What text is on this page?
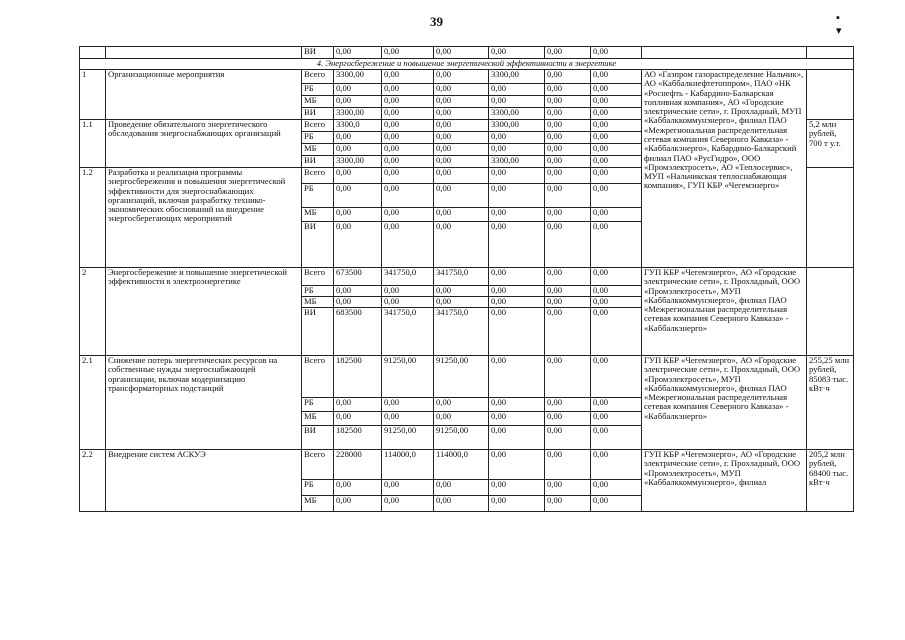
39	▪ ▾
		ВИ	0,00	0,00	0,00	0,00	0,00	0,00		
4. Энергосбережение и повышение энергетической эффективности в энергетике										
1	Организационные мероприятия	Всего	3300,00	0,00	0,00	3300,00	0,00	0,00	АО «Газпром газораспределение Нальчик», АО «Каббалкнефтетоппром», ПАО «НК «Роснефть - Кабардино-Балкарская топливная компания», АО «Городские электрические сети», г. Прохладный, МУП «Каббалккоммунэнерго», филиал ПАО «Межрегиональная распределительная сетевая компания Северного Кавказа» - «Каббалкэнерго», Кабардино-Балкарский филиал ПАО «РусГидро», ООО «Промэлектросеть», АО «Теплосервис», МУП «Нальчикская теплоснабжающая компания», ГУП КБР «Чегемэнерго»	
		РБ	0,00	0,00	0,00	0,00	0,00	0,00		
		МБ	0,00	0,00	0,00	0,00	0,00	0,00		
		ВИ	3300,00	0,00	0,00	3300,00	0,00	0,00		
1.1	Проведение обязательного энергетического обследования энергоснабжающих организаций	Всего	3300,0	0,00	0,00	3300,00	0,00	0,00		5,2 млн рублей, 700 т у.т.
		РБ	0,00	0,00	0,00	0,00	0,00	0,00		
		МБ	0,00	0,00	0,00	0,00	0,00	0,00		
		ВИ	3300,00	0,00	0,00	3300,00	0,00	0,00		
1.2	Разработка и реализация программы энергосбережения и повышения энергетической эффективности для энергоснабжающих организаций, включая разработку технико-экономических обоснований на внедрение энергосберегающих мероприятий	Всего	0,00	0,00	0,00	0,00	0,00	0,00		
		РБ	0,00	0,00	0,00	0,00	0,00	0,00		
		МБ	0,00	0,00	0,00	0,00	0,00	0,00		
		ВИ	0,00	0,00	0,00	0,00	0,00	0,00		
2	Энергосбережение и повышение энергетической эффективности в электроэнергетике	Всего	673500	341750,0	341750,0	0,00	0,00	0,00	ГУП КБР «Чегемэнерго», АО «Городские электрические сети», г. Прохладный, ООО «Промэлектросеть», МУП «Каббалккоммунэнерго», филиал ПАО «Межрегиональная распределительная сетевая компания Северного Кавказа» - «Каббалкэнерго»	
		РБ	0,00	0,00	0,00	0,00	0,00	0,00		
		МБ	0,00	0,00	0,00	0,00	0,00	0,00		
		ВИ	683500	341750,0	341750,0	0,00	0,00	0,00		
2.1	Снижение потерь энергетических ресурсов на собственные нужды энергоснабжающей организации, включая модернизацию трансформаторных подстанций	Всего	182500	91250,00	91250,00	0,00	0,00	0,00	ГУП КБР «Чегемэнерго», АО «Городские электрические сети», г. Прохладный, ООО «Промэлектросеть», МУП «Каббалккоммунэнерго», филиал ПАО «Межрегиональная распределительная сетевая компания Северного Кавказа» - «Каббалкэнерго»	255,25 млн рублей, 85083 тыс. кВт·ч
		РБ	0,00	0,00	0,00	0,00	0,00	0,00		
		МБ	0,00	0,00	0,00	0,00	0,00	0,00		
		ВИ	182500	91250,00	91250,00	0,00	0,00	0,00		
2.2	Внедрение систем АСКУЭ	Всего	228000	114000,0	114000,0	0,00	0,00	0,00	ГУП КБР «Чегемэнерго», АО «Городские электрические сети», г. Прохладный, ООО «Промэлектросеть», МУП «Каббалккоммунэнерго», филиал	205,2 млн рублей, 68400 тыс. кВт·ч
		РБ	0,00	0,00	0,00	0,00	0,00	0,00		
		МБ	0,00	0,00	0,00	0,00	0,00	0,00		
